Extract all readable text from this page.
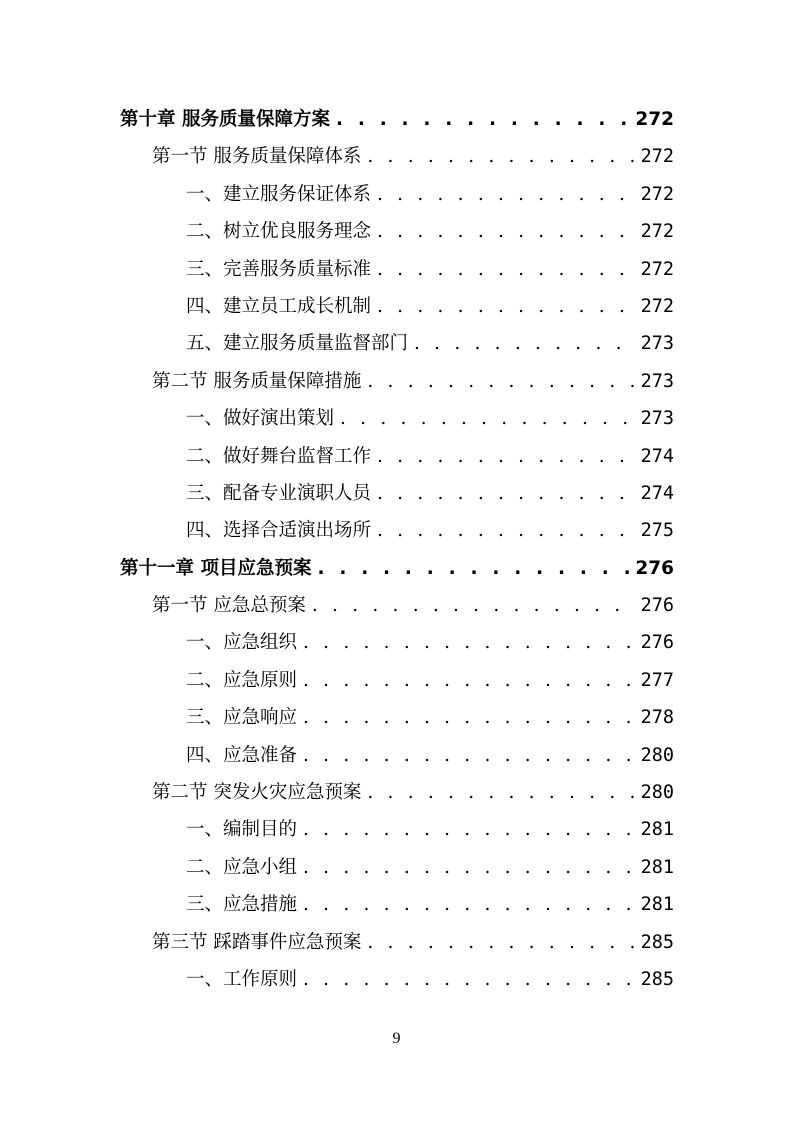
第十章 服务质量保障方案 . . .	272
第一节 服务质量保障体系 . . .	272
一、建立服务保证体系 . . .	272
二、树立优良服务理念 . . .	272
三、完善服务质量标准 . . .	272
四、建立员工成长机制 . . .	272
五、建立服务质量监督部门 . . .	273
第二节 服务质量保障措施 . . .	273
一、做好演出策划 . . .	273
二、做好舞台监督工作 . . .	274
三、配备专业演职人员 . . .	274
四、选择合适演出场所 . . .	275
第十一章 项目应急预案 . . .	276
第一节 应急总预案 . . .	276
一、应急组织 . . .	276
二、应急原则 . . .	277
三、应急响应 . . .	278
四、应急准备 . . .	280
第二节 突发火灾应急预案 . . .	280
一、编制目的 . . .	281
二、应急小组 . . .	281
三、应急措施 . . .	281
第三节 踩踏事件应急预案 . . .	285
一、工作原则 . . .	285
9
